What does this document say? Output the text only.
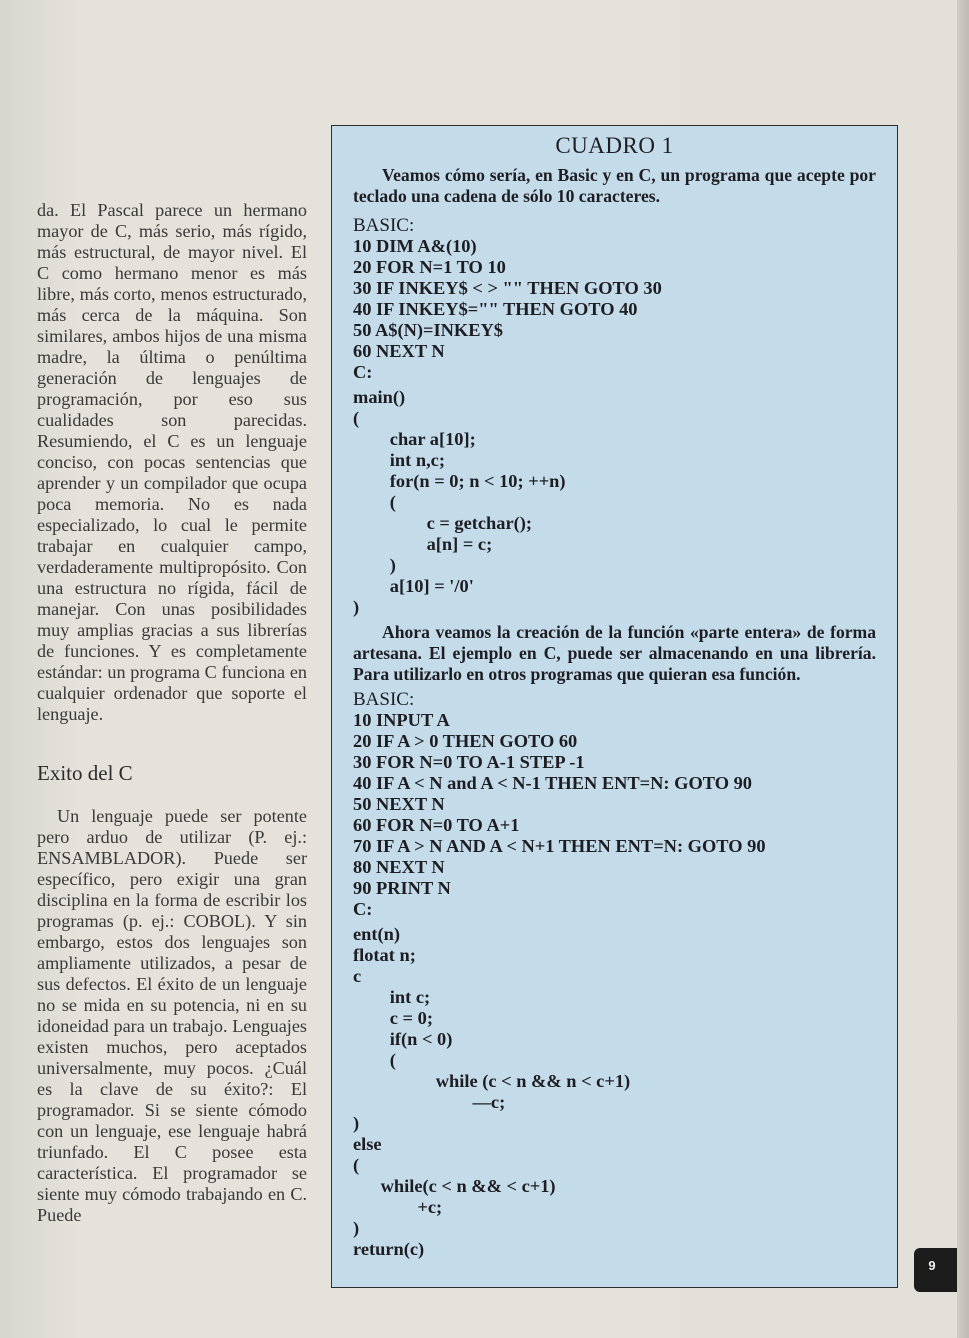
da. El Pascal parece un hermano mayor de C, más serio, más rígido, más estructural, de mayor nivel. El C como hermano menor es más libre, más corto, menos estructurado, más cerca de la máquina. Son similares, ambos hijos de una misma madre, la última o penúltima generación de lenguajes de programación, por eso sus cualidades son parecidas. Resumiendo, el C es un lenguaje conciso, con pocas sentencias que aprender y un compilador que ocupa poca memoria. No es nada especializado, lo cual le permite trabajar en cualquier campo, verdaderamente multipropósito. Con una estructura no rígida, fácil de manejar. Con unas posibilidades muy amplias gracias a sus librerías de funciones. Y es completamente estándar: un programa C funciona en cualquier ordenador que soporte el lenguaje.

Exito del C

Un lenguaje puede ser potente pero arduo de utilizar (P. ej.: ENSAMBLADOR). Puede ser específico, pero exigir una gran disciplina en la forma de escribir los programas (p. ej.: COBOL). Y sin embargo, estos dos lenguajes son ampliamente utilizados, a pesar de sus defectos. El éxito de un lenguaje no se mida en su potencia, ni en su idoneidad para un trabajo. Lenguajes existen muchos, pero aceptados universalmente, muy pocos. ¿Cuál es la clave de su éxito?: El programador. Si se siente cómodo con un lenguaje, ese lenguaje habrá triunfado. El C posee esta característica. El programador se siente muy cómodo trabajando en C. Puede

CUADRO 1

Veamos cómo sería, en Basic y en C, un programa que acepte por teclado una cadena de sólo 10 caracteres.

BASIC:
10 DIM A&(10)
20 FOR N=1 TO 10
30 IF INKEY$ < > "" THEN GOTO 30
40 IF INKEY$="" THEN GOTO 40
50 A$(N)=INKEY$
60 NEXT N
C:
main()
(
char a[10];
int n,c;
for(n = 0; n < 10; ++n)
(
c = getchar();
a[n] = c;
)
a[10] = '/0'
)

Ahora veamos la creación de la función «parte entera» de forma artesana. El ejemplo en C, puede ser almacenando en una librería. Para utilizarlo en otros programas que quieran esa función.

BASIC:
10 INPUT A
20 IF A > 0 THEN GOTO 60
30 FOR N=0 TO A-1 STEP -1
40 IF A < N and A < N-1 THEN ENT=N: GOTO 90
50 NEXT N
60 FOR N=0 TO A+1
70 IF A > N AND A < N+1 THEN ENT=N: GOTO 90
80 NEXT N
90 PRINT N
C:
ent(n)
flotat n;
c
int c;
c = 0;
if(n < 0)
(
while (c < n && n < c+1)
—c;
)
else
(
while(c < n && < c+1)
+c;
)
return(c)
9
